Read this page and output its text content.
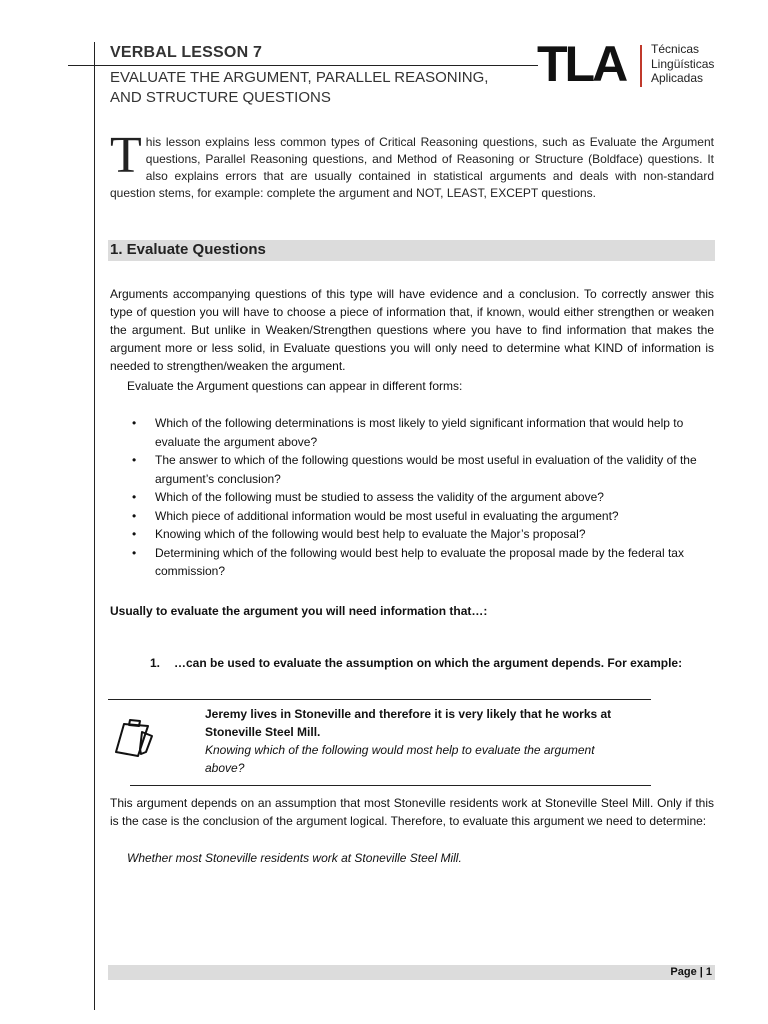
VERBAL LESSON 7
EVALUATE THE ARGUMENT, PARALLEL REASONING,
AND STRUCTURE QUESTIONS
TLA Técnicas
Lingüísticas
Aplicadas
T his lesson explains less common types of Critical Reasoning questions, such as Evaluate the Argument questions, Parallel Reasoning questions, and Method of Reasoning or Structure (Boldface) questions. It also explains errors that are usually contained in statistical arguments and deals with non-standard question stems, for example: complete the argument and NOT, LEAST, EXCEPT questions.
1. Evaluate Questions
Arguments accompanying questions of this type will have evidence and a conclusion. To correctly answer this type of question you will have to choose a piece of information that, if known, would either strengthen or weaken the argument. But unlike in Weaken/Strengthen questions where you have to find information that makes the argument more or less solid, in Evaluate questions you will only need to determine what KIND of information is needed to strengthen/weaken the argument.
Evaluate the Argument questions can appear in different forms:
• Which of the following determinations is most likely to yield significant information that would help to evaluate the argument above?
• The answer to which of the following questions would be most useful in evaluation of the validity of the argument’s conclusion?
• Which of the following must be studied to assess the validity of the argument above?
• Which piece of additional information would be most useful in evaluating the argument?
• Knowing which of the following would best help to evaluate the Major’s proposal?
• Determining which of the following would best help to evaluate the proposal made by the federal tax commission?
Usually to evaluate the argument you will need information that…:
1. …can be used to evaluate the assumption on which the argument depends. For example:
Jeremy lives in Stoneville and therefore it is very likely that he works at Stoneville Steel Mill.
Knowing which of the following would most help to evaluate the argument above?
This argument depends on an assumption that most Stoneville residents work at Stoneville Steel Mill. Only if this is the case is the conclusion of the argument logical. Therefore, to evaluate this argument we need to determine:
Whether most Stoneville residents work at Stoneville Steel Mill.
Page | 1
